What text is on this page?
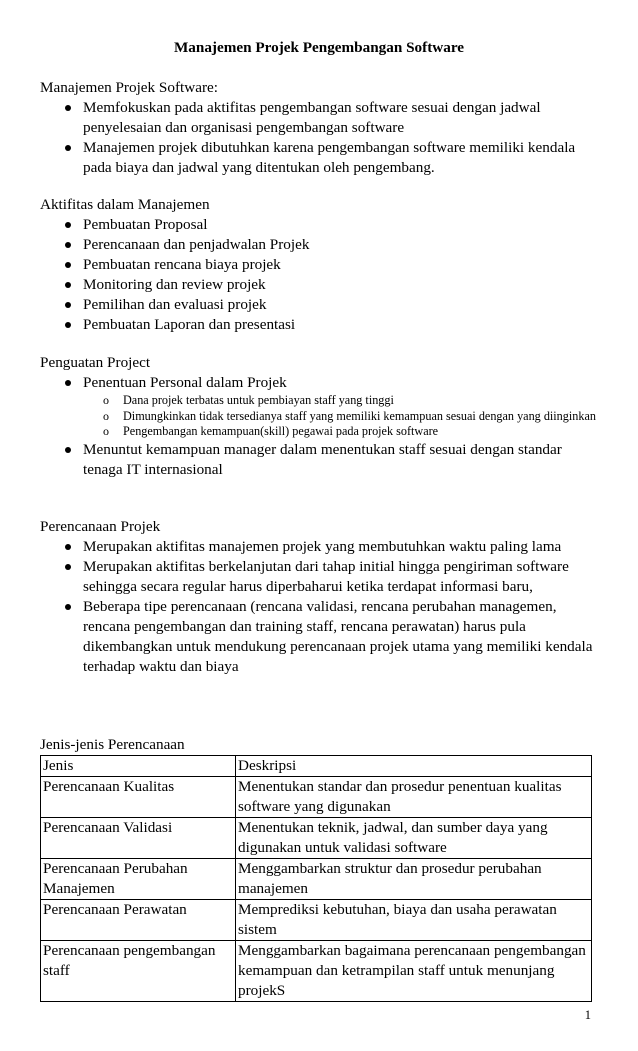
Manajemen Projek Pengembangan Software
Manajemen Projek Software:
Memfokuskan pada aktifitas pengembangan software sesuai dengan jadwal penyelesaian dan organisasi pengembangan software
Manajemen projek dibutuhkan karena pengembangan software memiliki kendala pada biaya dan jadwal yang ditentukan oleh pengembang.
Aktifitas dalam Manajemen
Pembuatan Proposal
Perencanaan dan penjadwalan Projek
Pembuatan rencana biaya projek
Monitoring dan review projek
Pemilihan dan evaluasi projek
Pembuatan Laporan dan presentasi
Penguatan Project
Penentuan Personal dalam Projek
o Dana projek terbatas untuk pembiayan staff yang tinggi
o Dimungkinkan tidak tersedianya staff yang memiliki kemampuan sesuai dengan yang diinginkan
o Pengembangan kemampuan(skill) pegawai pada projek software
Menuntut kemampuan manager dalam menentukan staff sesuai dengan standar tenaga IT internasional
Perencanaan Projek
Merupakan aktifitas manajemen projek yang membutuhkan waktu paling lama
Merupakan aktifitas berkelanjutan dari tahap initial hingga pengiriman software sehingga secara regular harus diperbaharui ketika terdapat informasi baru,
Beberapa tipe perencanaan (rencana validasi, rencana perubahan managemen, rencana pengembangan dan training staff, rencana perawatan) harus pula dikembangkan untuk mendukung perencanaan projek utama yang memiliki kendala terhadap waktu dan biaya
Jenis-jenis Perencanaan
Jenis	Deskripsi
Perencanaan Kualitas	Menentukan standar dan prosedur penentuan kualitas software yang digunakan
Perencanaan Validasi	Menentukan teknik, jadwal, dan sumber daya yang digunakan untuk validasi software
Perencanaan Perubahan Manajemen	Menggambarkan struktur dan prosedur perubahan manajemen
Perencanaan Perawatan	Memprediksi kebutuhan, biaya dan usaha perawatan sistem
Perencanaan pengembangan staff	Menggambarkan bagaimana perencanaan pengembangan kemampuan dan ketrampilan staff untuk menunjang projekS
1
